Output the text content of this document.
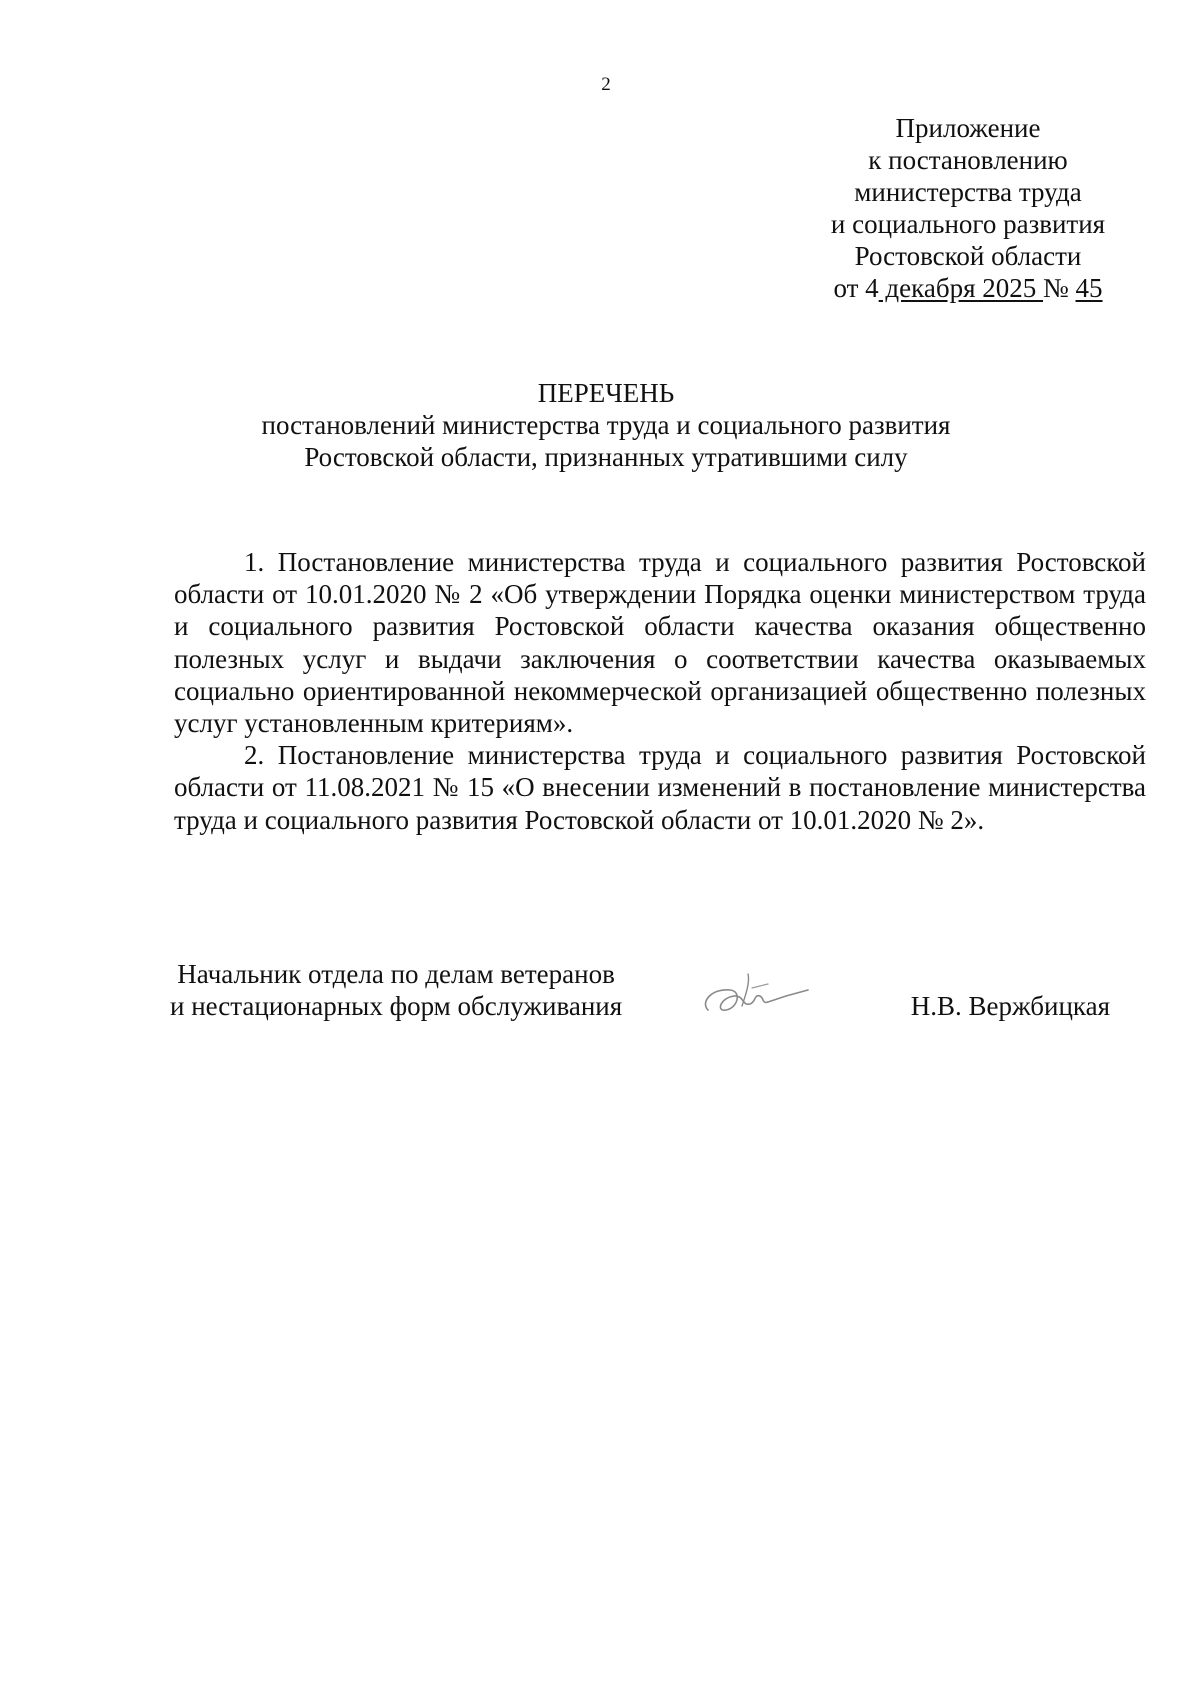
2
Приложение
к постановлению
министерства труда
и социального развития
Ростовской области
от 4 декабря 2025 № 45
ПЕРЕЧЕНЬ
постановлений министерства труда и социального развития
Ростовской области, признанных утратившими силу

1. Постановление министерства труда и социального развития Ростовской области от 10.01.2020 № 2 «Об утверждении Порядка оценки министерством труда и социального развития Ростовской области качества оказания общественно полезных услуг и выдачи заключения о соответствии качества оказываемых социально ориентированной некоммерческой организацией общественно полезных услуг установленным критериям».

2. Постановление министерства труда и социального развития Ростовской области от 11.08.2021 № 15 «О внесении изменений в постановление министерства труда и социального развития Ростовской области от 10.01.2020 № 2».

Начальник отдела по делам ветеранов
и нестационарных форм обслуживания	Н.В. Вержбицкая
